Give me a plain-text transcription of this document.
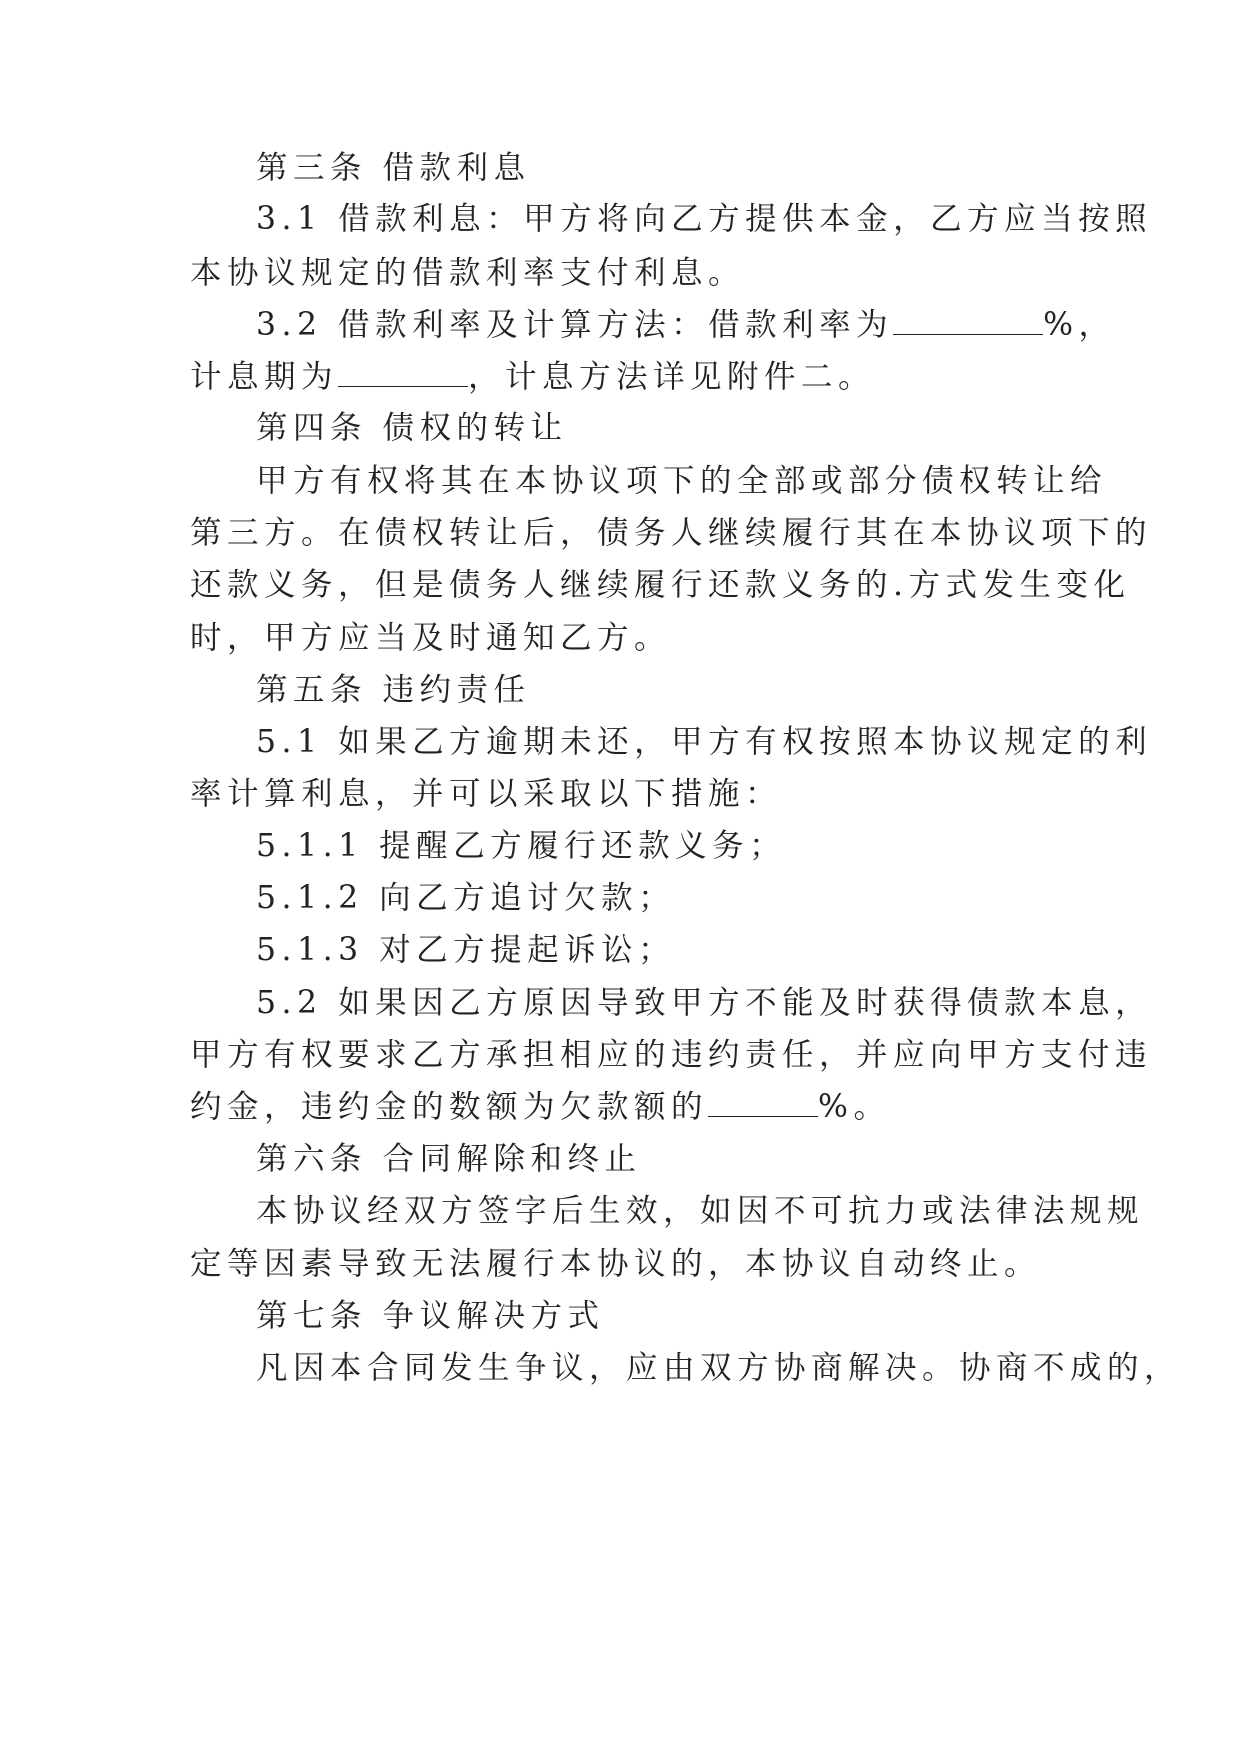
第三条 借款利息
3.1 借款利息：甲方将向乙方提供本金，乙方应当按照
本协议规定的借款利率支付利息。
3.2 借款利率及计算方法：借款利率为	%，
计息期为	，计息方法详见附件二。
第四条 债权的转让
甲方有权将其在本协议项下的全部或部分债权转让给
第三方。在债权转让后，债务人继续履行其在本协议项下的
还款义务，但是债务人继续履行还款义务的.方式发生变化
时，甲方应当及时通知乙方。
第五条 违约责任
5.1 如果乙方逾期未还，甲方有权按照本协议规定的利
率计算利息，并可以采取以下措施：
5.1.1 提醒乙方履行还款义务；
5.1.2 向乙方追讨欠款；
5.1.3 对乙方提起诉讼；
5.2 如果因乙方原因导致甲方不能及时获得债款本息，
甲方有权要求乙方承担相应的违约责任，并应向甲方支付违
约金，违约金的数额为欠款额的	%。
第六条 合同解除和终止
本协议经双方签字后生效，如因不可抗力或法律法规规
定等因素导致无法履行本协议的，本协议自动终止。
第七条 争议解决方式
凡因本合同发生争议，应由双方协商解决。协商不成的，
